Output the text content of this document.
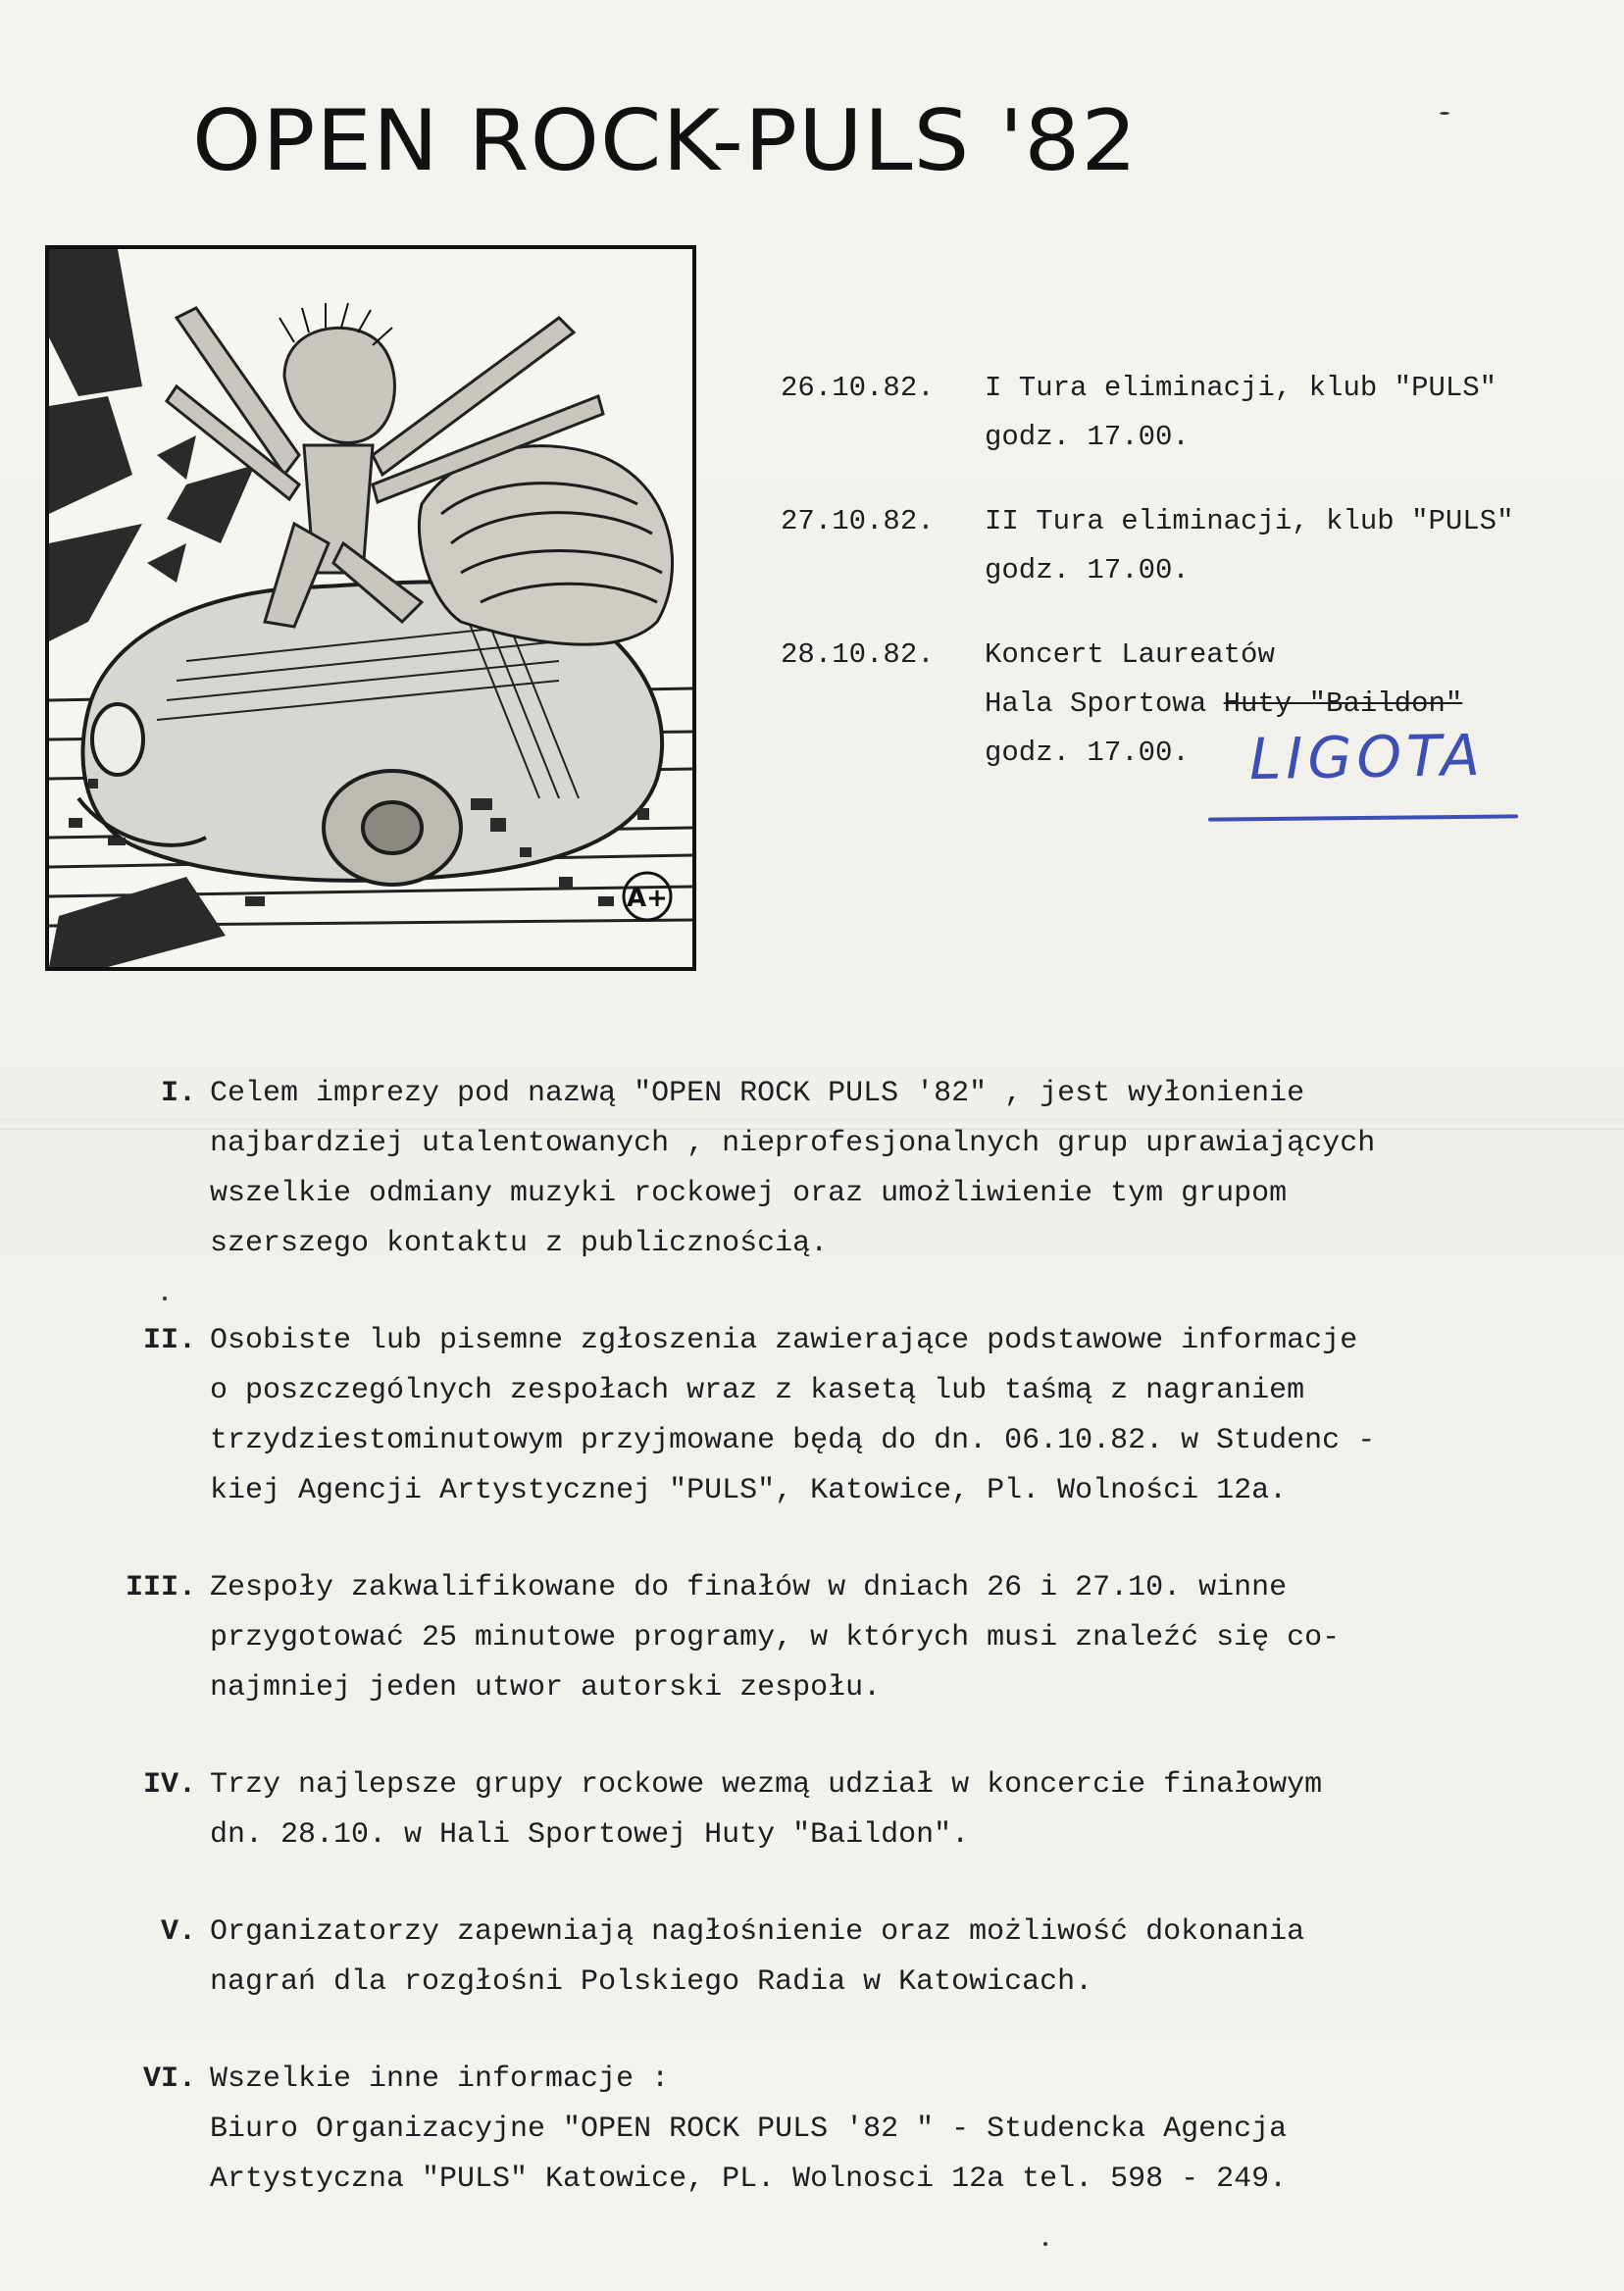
OPEN ROCK-PULS '82
A+
26.10.82.	I Tura eliminacji, klub "PULS"
godz. 17.00.
27.10.82.	II Tura eliminacji, klub "PULS"
godz. 17.00.
28.10.82.	Koncert Laureatów
Hala Sportowa Huty "Baildon"
godz. 17.00.	LIGOTA
I. Celem imprezy pod nazwą "OPEN ROCK PULS '82" , jest wyłonienie
najbardziej utalentowanych , nieprofesjonalnych grup uprawiających
wszelkie odmiany muzyki rockowej oraz umożliwienie tym grupom
szerszego kontaktu z publicznością.
II. Osobiste lub pisemne zgłoszenia zawierające podstawowe informacje
o poszczególnych zespołach wraz z kasetą lub taśmą z nagraniem
trzydziestominutowym przyjmowane będą do dn. 06.10.82. w Studenc -
kiej Agencji Artystycznej "PULS", Katowice, Pl. Wolności 12a.
III. Zespoły zakwalifikowane do finałów w dniach 26 i 27.10. winne
przygotować 25 minutowe programy, w których musi znaleźć się co-
najmniej jeden utwor autorski zespołu.
IV. Trzy najlepsze grupy rockowe wezmą udział w koncercie finałowym
dn. 28.10. w Hali Sportowej Huty "Baildon".
V. Organizatorzy zapewniają nagłośnienie oraz możliwość dokonania
nagrań dla rozgłośni Polskiego Radia w Katowicach.
VI. Wszelkie inne informacje :
Biuro Organizacyjne "OPEN ROCK PULS '82 " - Studencka Agencja
Artystyczna "PULS" Katowice, PL. Wolnosci 12a tel. 598 - 249.
